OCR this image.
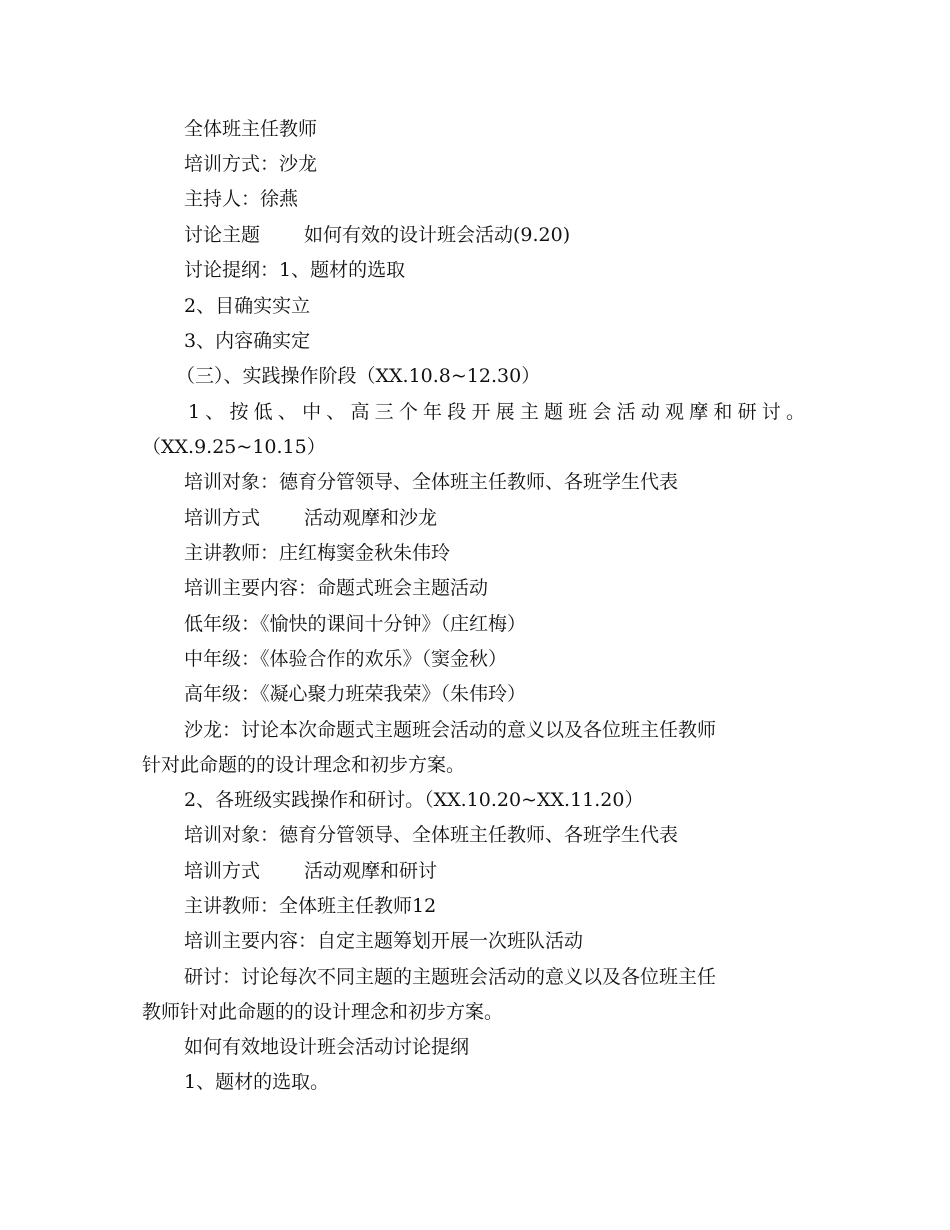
全体班主任教师
培训方式：沙龙
主持人：徐燕
讨论主题 如何有效的设计班会活动(9.20)
讨论提纲：1、题材的选取
2、目确实实立
3、内容确实定
（三）、实践操作阶段（XX.10.8~12.30）
1、按低、中、高三个年段开展主题班会活动观摩和研讨。
（XX.9.25~10.15）
培训对象：德育分管领导、全体班主任教师、各班学生代表
培训方式 活动观摩和沙龙
主讲教师：庄红梅窦金秋朱伟玲
培训主要内容：命题式班会主题活动
低年级：《愉快的课间十分钟》（庄红梅）
中年级：《体验合作的欢乐》（窦金秋）
高年级：《凝心聚力班荣我荣》（朱伟玲）
沙龙：讨论本次命题式主题班会活动的意义以及各位班主任教师
针对此命题的的设计理念和初步方案。
2、各班级实践操作和研讨。（XX.10.20~XX.11.20）
培训对象：德育分管领导、全体班主任教师、各班学生代表
培训方式 活动观摩和研讨
主讲教师：全体班主任教师12
培训主要内容：自定主题筹划开展一次班队活动
研讨：讨论每次不同主题的主题班会活动的意义以及各位班主任
教师针对此命题的的设计理念和初步方案。
如何有效地设计班会活动讨论提纲
1、题材的选取。
